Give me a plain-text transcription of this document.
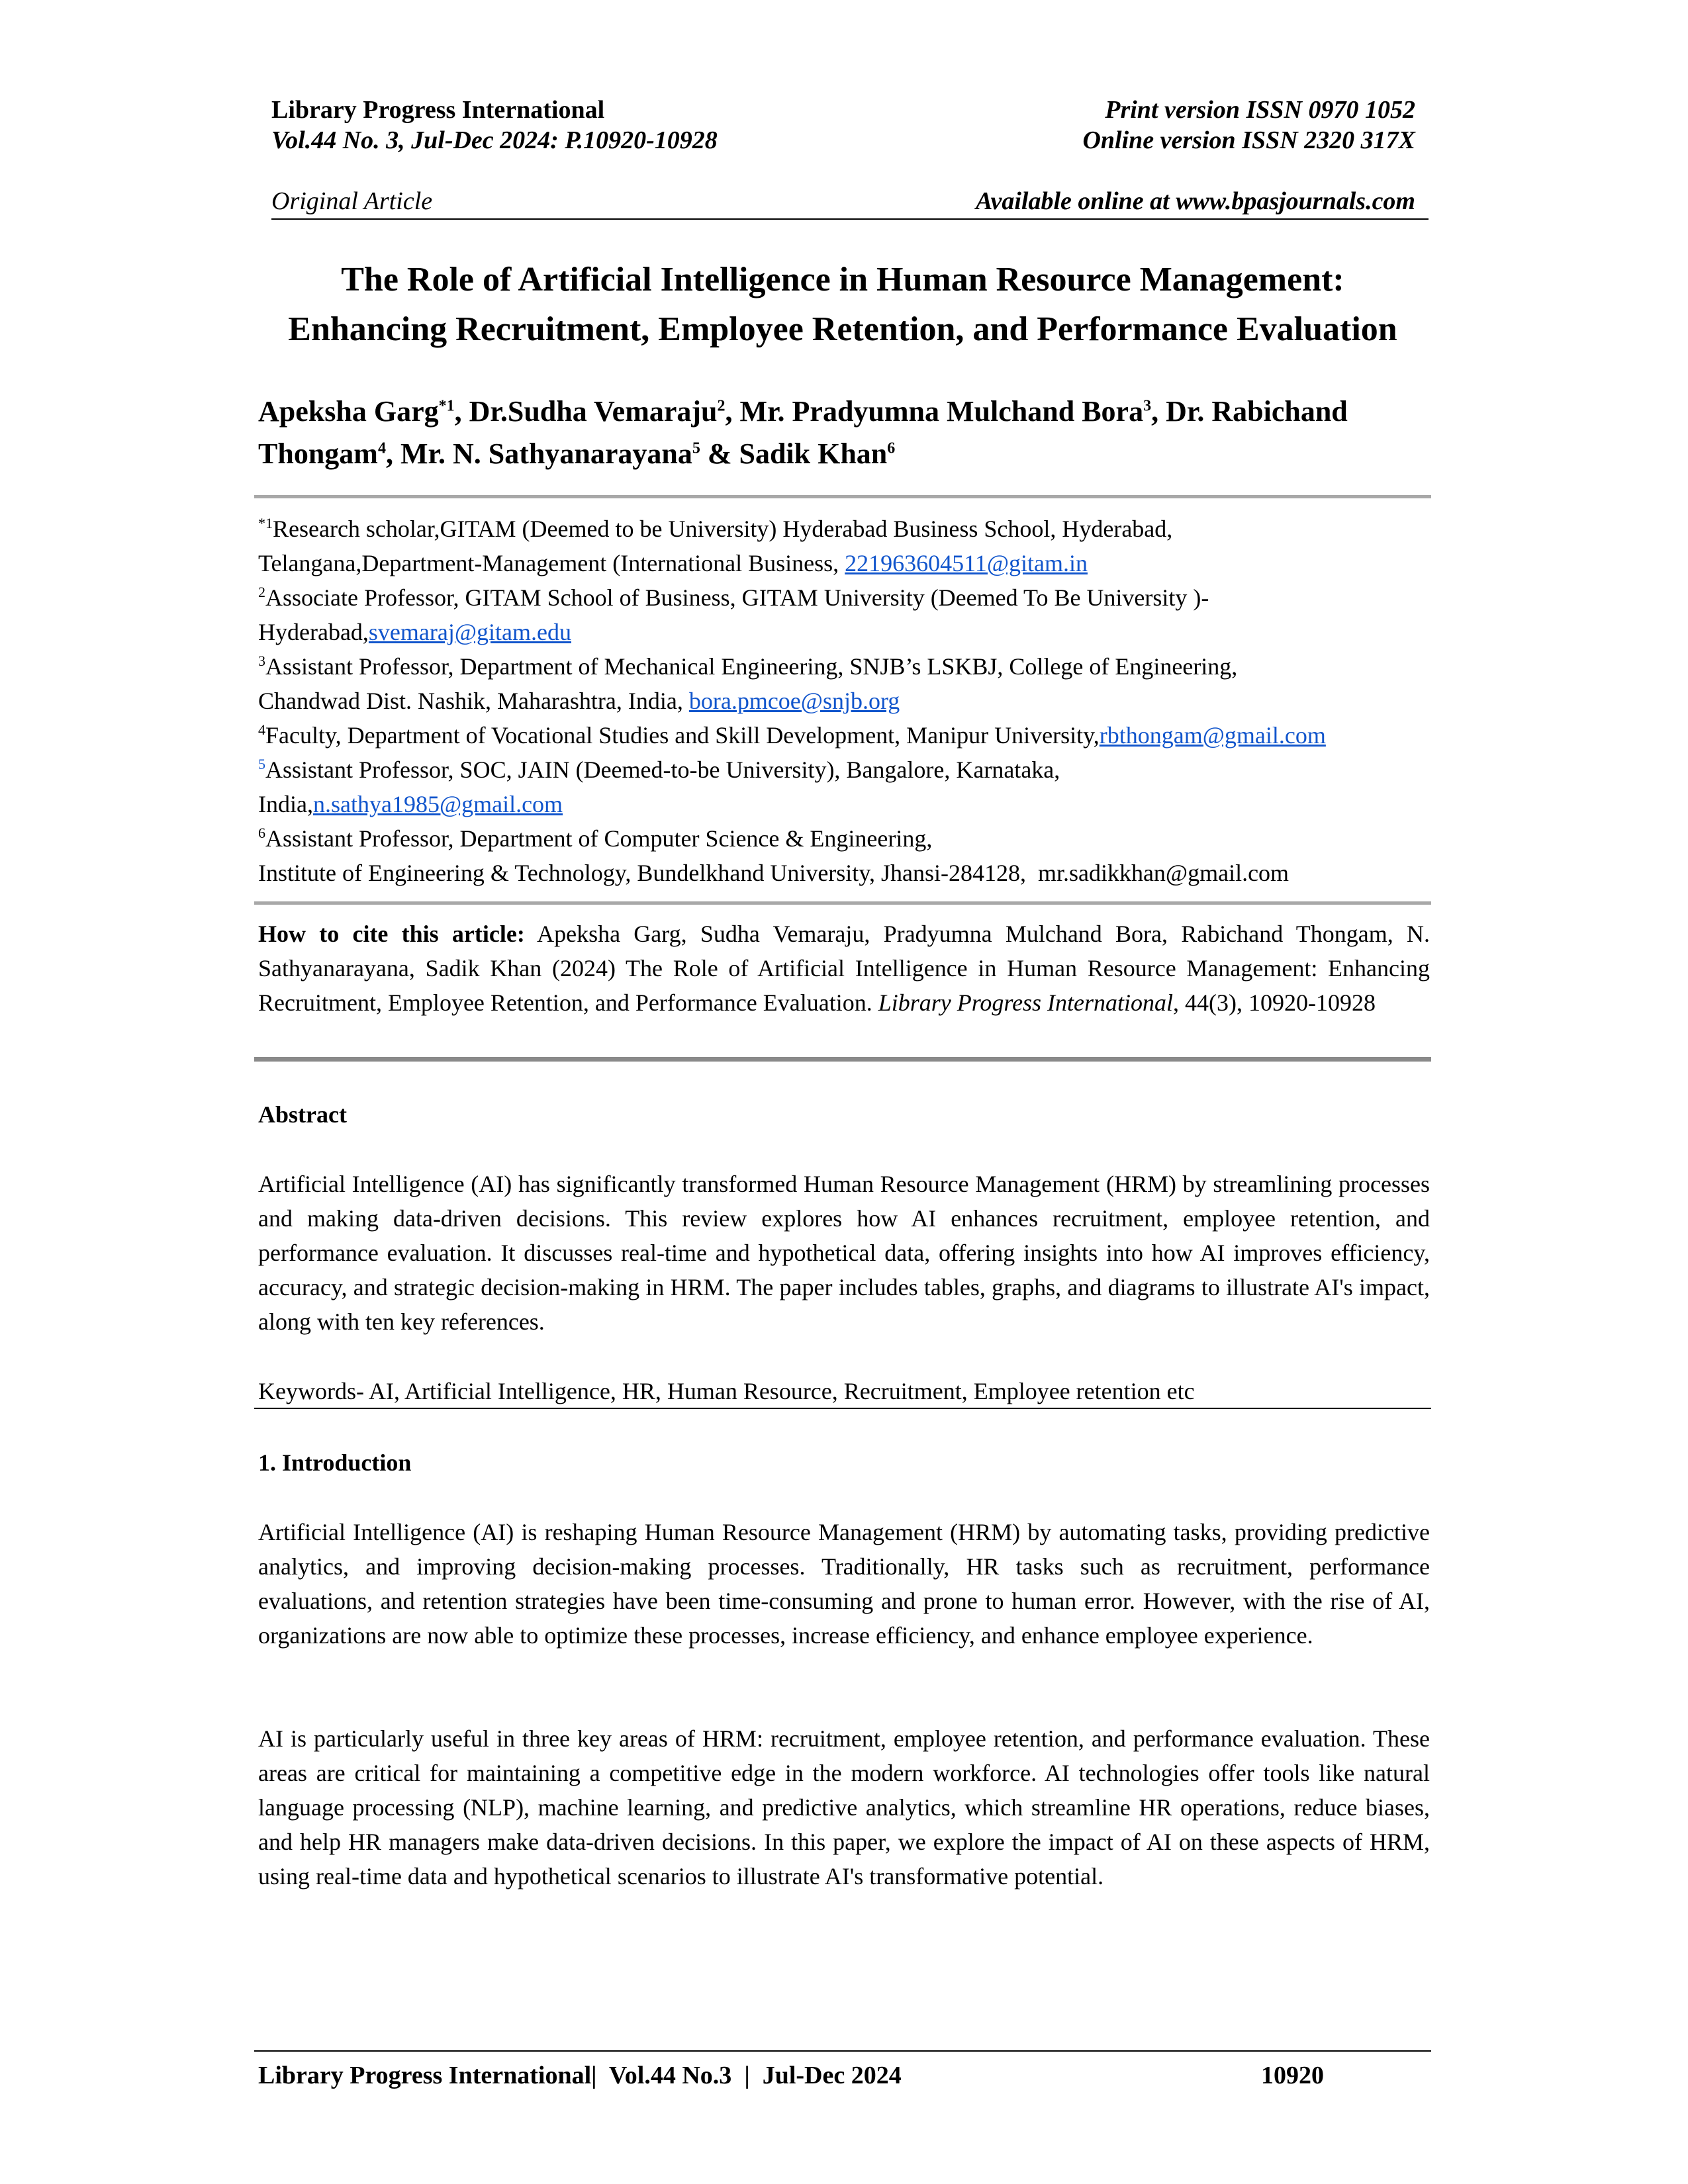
Library Progress International
Vol.44 No. 3, Jul-Dec 2024: P.10920-10928
Print version ISSN 0970 1052
Online version ISSN 2320 317X
Original Article	Available online at www.bpasjournals.com
The Role of Artificial Intelligence in Human Resource Management:
Enhancing Recruitment, Employee Retention, and Performance Evaluation
Apeksha Garg$^{*1}$, Dr.Sudha Vemaraju$^2$, Mr. Pradyumna Mulchand Bora$^3$, Dr. Rabichand Thongam$^4$, Mr. N. Sathyanarayana$^5$ & Sadik Khan$^6$
$^{*1}$Research scholar,GITAM (Deemed to be University) Hyderabad Business School, Hyderabad,
Telangana,Department-Management (International Business, 221963604511@gitam.in
$^2$Associate Professor, GITAM School of Business, GITAM University (Deemed To Be University )-
Hyderabad,svemaraj@gitam.edu
$^3$Assistant Professor, Department of Mechanical Engineering, SNJB’s LSKBJ, College of Engineering,
Chandwad Dist. Nashik, Maharashtra, India, bora.pmcoe@snjb.org
$^4$Faculty, Department of Vocational Studies and Skill Development, Manipur University,rbthongam@gmail.com
$^5$Assistant Professor, SOC, JAIN (Deemed-to-be University), Bangalore, Karnataka,
India,n.sathya1985@gmail.com
$^6$Assistant Professor, Department of Computer Science & Engineering,
Institute of Engineering & Technology, Bundelkhand University, Jhansi-284128,  mr.sadikkhan@gmail.com
How to cite this article: Apeksha Garg, Sudha Vemaraju, Pradyumna Mulchand Bora, Rabichand Thongam, N. Sathyanarayana, Sadik Khan (2024) The Role of Artificial Intelligence in Human Resource Management: Enhancing Recruitment, Employee Retention, and Performance Evaluation. Library Progress International, 44(3), 10920-10928
Abstract
Artificial Intelligence (AI) has significantly transformed Human Resource Management (HRM) by streamlining processes and making data-driven decisions. This review explores how AI enhances recruitment, employee retention, and performance evaluation. It discusses real-time and hypothetical data, offering insights into how AI improves efficiency, accuracy, and strategic decision-making in HRM. The paper includes tables, graphs, and diagrams to illustrate AI's impact, along with ten key references.
Keywords- AI, Artificial Intelligence, HR, Human Resource, Recruitment, Employee retention etc
1. Introduction
Artificial Intelligence (AI) is reshaping Human Resource Management (HRM) by automating tasks, providing predictive analytics, and improving decision-making processes. Traditionally, HR tasks such as recruitment, performance evaluations, and retention strategies have been time-consuming and prone to human error. However, with the rise of AI, organizations are now able to optimize these processes, increase efficiency, and enhance employee experience.
AI is particularly useful in three key areas of HRM: recruitment, employee retention, and performance evaluation. These areas are critical for maintaining a competitive edge in the modern workforce. AI technologies offer tools like natural language processing (NLP), machine learning, and predictive analytics, which streamline HR operations, reduce biases, and help HR managers make data-driven decisions. In this paper, we explore the impact of AI on these aspects of HRM, using real-time data and hypothetical scenarios to illustrate AI's transformative potential.
Library Progress International| Vol.44 No.3 | Jul-Dec 2024	10920
